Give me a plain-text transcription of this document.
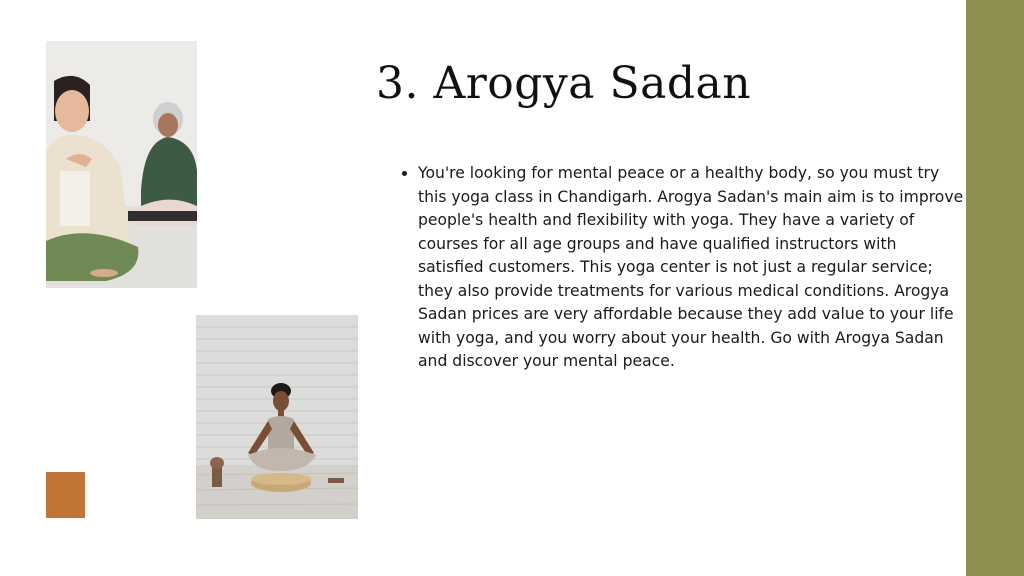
3. Arogya Sadan
• You're looking for mental peace or a healthy body, so you must try this yoga class in Chandigarh. Arogya Sadan's main aim is to improve people's health and flexibility with yoga. They have a variety of courses for all age groups and have qualified instructors with satisfied customers. This yoga center is not just a regular service; they also provide treatments for various medical conditions. Arogya Sadan prices are very affordable because they add value to your life with yoga, and you worry about your health. Go with Arogya Sadan and discover your mental peace.
